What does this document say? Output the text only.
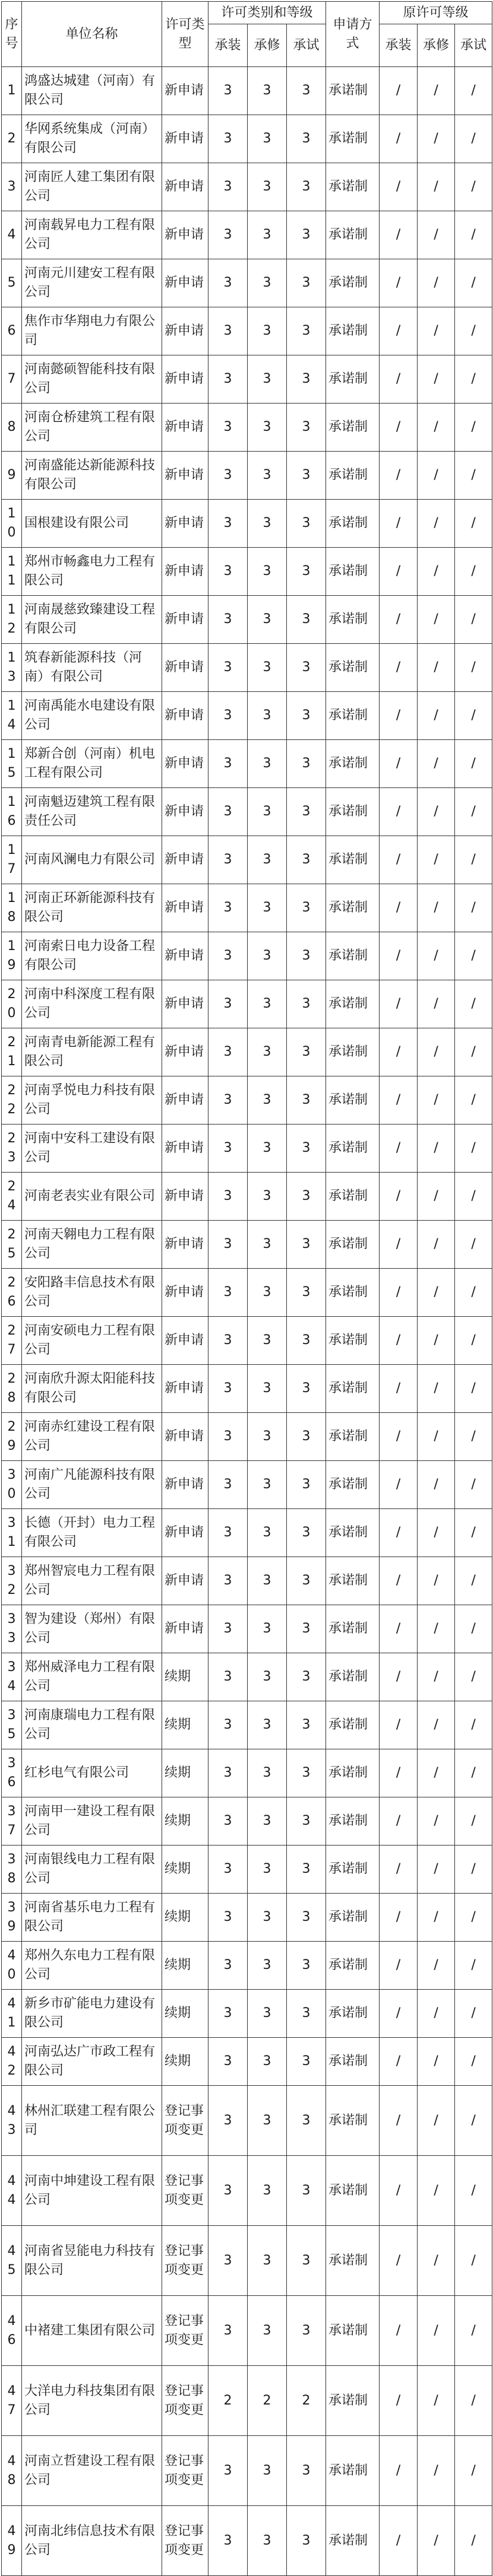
序号	单位名称	许可类型	许可类别和等级			申请方式	原许可等级		
			承装	承修	承试		承装	承修	承试
1	鸿盛达城建（河南）有限公司	新申请	3	3	3	承诺制	/	/	/
2	华网系统集成（河南）有限公司	新申请	3	3	3	承诺制	/	/	/
3	河南匠人建工集团有限公司	新申请	3	3	3	承诺制	/	/	/
4	河南载昇电力工程有限公司	新申请	3	3	3	承诺制	/	/	/
5	河南元川建安工程有限公司	新申请	3	3	3	承诺制	/	/	/
6	焦作市华翔电力有限公司	新申请	3	3	3	承诺制	/	/	/
7	河南懿硕智能科技有限公司	新申请	3	3	3	承诺制	/	/	/
8	河南仓桥建筑工程有限公司	新申请	3	3	3	承诺制	/	/	/
9	河南盛能达新能源科技有限公司	新申请	3	3	3	承诺制	/	/	/
10	国根建设有限公司	新申请	3	3	3	承诺制	/	/	/
11	郑州市畅鑫电力工程有限公司	新申请	3	3	3	承诺制	/	/	/
12	河南晟慈致臻建设工程有限公司	新申请	3	3	3	承诺制	/	/	/
13	筑春新能源科技（河南）有限公司	新申请	3	3	3	承诺制	/	/	/
14	河南禹能水电建设有限公司	新申请	3	3	3	承诺制	/	/	/
15	郑新合创（河南）机电工程有限公司	新申请	3	3	3	承诺制	/	/	/
16	河南魁迈建筑工程有限责任公司	新申请	3	3	3	承诺制	/	/	/
17	河南风澜电力有限公司	新申请	3	3	3	承诺制	/	/	/
18	河南正环新能源科技有限公司	新申请	3	3	3	承诺制	/	/	/
19	河南索日电力设备工程有限公司	新申请	3	3	3	承诺制	/	/	/
20	河南中科深度工程有限公司	新申请	3	3	3	承诺制	/	/	/
21	河南青电新能源工程有限公司	新申请	3	3	3	承诺制	/	/	/
22	河南孚悦电力科技有限公司	新申请	3	3	3	承诺制	/	/	/
23	河南中安科工建设有限公司	新申请	3	3	3	承诺制	/	/	/
24	河南老表实业有限公司	新申请	3	3	3	承诺制	/	/	/
25	河南天翱电力工程有限公司	新申请	3	3	3	承诺制	/	/	/
26	安阳路丰信息技术有限公司	新申请	3	3	3	承诺制	/	/	/
27	河南安硕电力工程有限公司	新申请	3	3	3	承诺制	/	/	/
28	河南欣升源太阳能科技有限公司	新申请	3	3	3	承诺制	/	/	/
29	河南赤红建设工程有限公司	新申请	3	3	3	承诺制	/	/	/
30	河南广凡能源科技有限公司	新申请	3	3	3	承诺制	/	/	/
31	长德（开封）电力工程有限公司	新申请	3	3	3	承诺制	/	/	/
32	郑州智宸电力工程有限公司	新申请	3	3	3	承诺制	/	/	/
33	智为建设（郑州）有限公司	新申请	3	3	3	承诺制	/	/	/
34	郑州威泽电力工程有限公司	续期	3	3	3	承诺制	/	/	/
35	河南康瑞电力工程有限公司	续期	3	3	3	承诺制	/	/	/
36	红杉电气有限公司	续期	3	3	3	承诺制	/	/	/
37	河南甲一建设工程有限公司	续期	3	3	3	承诺制	/	/	/
38	河南银线电力工程有限公司	续期	3	3	3	承诺制	/	/	/
39	河南省基乐电力工程有限公司	续期	3	3	3	承诺制	/	/	/
40	郑州久东电力工程有限公司	续期	3	3	3	承诺制	/	/	/
41	新乡市矿能电力建设有限公司	续期	3	3	3	承诺制	/	/	/
42	河南弘达广市政工程有限公司	续期	3	3	3	承诺制	/	/	/
43	林州汇联建工程有限公司	登记事项变更	3	3	3	承诺制	/	/	/
44	河南中坤建设工程有限公司	登记事项变更	3	3	3	承诺制	/	/	/
45	河南省昱能电力科技有限公司	登记事项变更	3	3	3	承诺制	/	/	/
46	中褚建工集团有限公司	登记事项变更	3	3	3	承诺制	/	/	/
47	大洋电力科技集团有限公司	登记事项变更	2	2	2	承诺制	/	/	/
48	河南立哲建设工程有限公司	登记事项变更	3	3	3	承诺制	/	/	/
49	河南北纬信息技术有限公司	登记事项变更	3	3	3	承诺制	/	/	/
